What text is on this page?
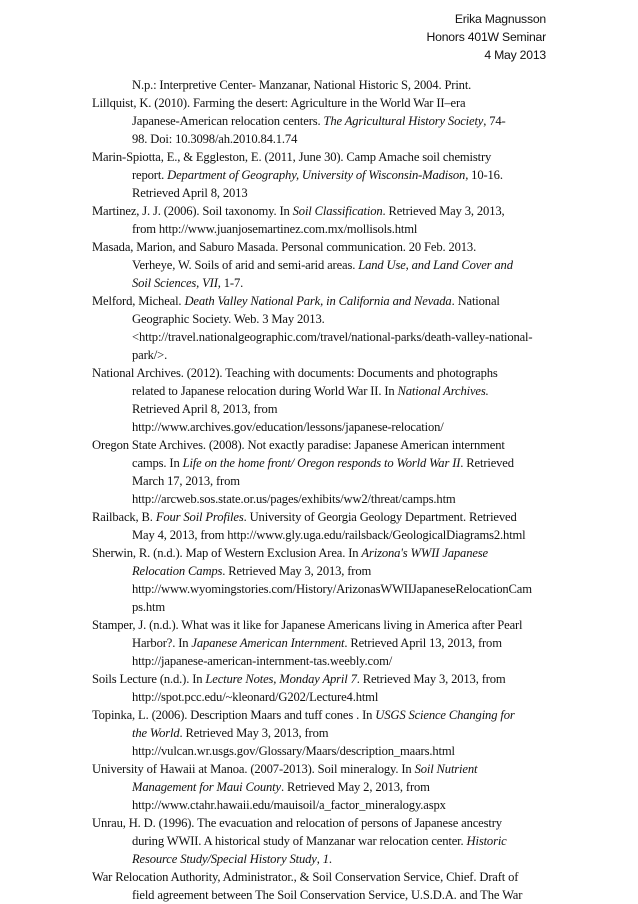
Erika Magnusson
Honors 401W Seminar
4 May 2013
N.p.: Interpretive Center- Manzanar, National Historic S, 2004. Print.
Lillquist, K. (2010). Farming the desert: Agriculture in the World War II–era
Japanese-American relocation centers. The Agricultural History Society, 74-
98. Doi: 10.3098/ah.2010.84.1.74
Marin-Spiotta, E., & Eggleston, E. (2011, June 30). Camp Amache soil chemistry
report. Department of Geography, University of Wisconsin-Madison, 10-16.
Retrieved April 8, 2013
Martinez, J. J. (2006). Soil taxonomy. In Soil Classification. Retrieved May 3, 2013,
from http://www.juanjosemartinez.com.mx/mollisols.html
Masada, Marion, and Saburo Masada. Personal communication. 20 Feb. 2013.
Verheye, W. Soils of arid and semi-arid areas. Land Use, and Land Cover and
Soil Sciences, VII, 1-7.
Melford, Micheal. Death Valley National Park, in California and Nevada. National
Geographic Society. Web. 3 May 2013.
<http://travel.nationalgeographic.com/travel/national-parks/death-valley-national-
park/>.
National Archives. (2012). Teaching with documents: Documents and photographs
related to Japanese relocation during World War II. In National Archives.
Retrieved April 8, 2013, from
http://www.archives.gov/education/lessons/japanese-relocation/
Oregon State Archives. (2008). Not exactly paradise: Japanese American internment
camps. In Life on the home front/ Oregon responds to World War II. Retrieved
March 17, 2013, from
http://arcweb.sos.state.or.us/pages/exhibits/ww2/threat/camps.htm
Railback, B. Four Soil Profiles. University of Georgia Geology Department. Retrieved
May 4, 2013, from http://www.gly.uga.edu/railsback/GeologicalDiagrams2.html
Sherwin, R. (n.d.). Map of Western Exclusion Area. In Arizona's WWII Japanese
Relocation Camps. Retrieved May 3, 2013, from
http://www.wyomingstories.com/History/ArizonasWWIIJapaneseRelocationCam
ps.htm
Stamper, J. (n.d.). What was it like for Japanese Americans living in America after Pearl
Harbor?. In Japanese American Internment. Retrieved April 13, 2013, from
http://japanese-american-internment-tas.weebly.com/
Soils Lecture (n.d.). In Lecture Notes, Monday April 7. Retrieved May 3, 2013, from
http://spot.pcc.edu/~kleonard/G202/Lecture4.html
Topinka, L. (2006). Description Maars and tuff cones . In USGS Science Changing for
the World. Retrieved May 3, 2013, from
http://vulcan.wr.usgs.gov/Glossary/Maars/description_maars.html
University of Hawaii at Manoa. (2007-2013). Soil mineralogy. In Soil Nutrient
Management for Maui County. Retrieved May 2, 2013, from
http://www.ctahr.hawaii.edu/mauisoil/a_factor_mineralogy.aspx
Unrau, H. D. (1996). The evacuation and relocation of persons of Japanese ancestry
during WWII. A historical study of Manzanar war relocation center. Historic
Resource Study/Special History Study, 1.
War Relocation Authority, Administrator., & Soil Conservation Service, Chief. Draft of
field agreement between The Soil Conservation Service, U.S.D.A. and The War
